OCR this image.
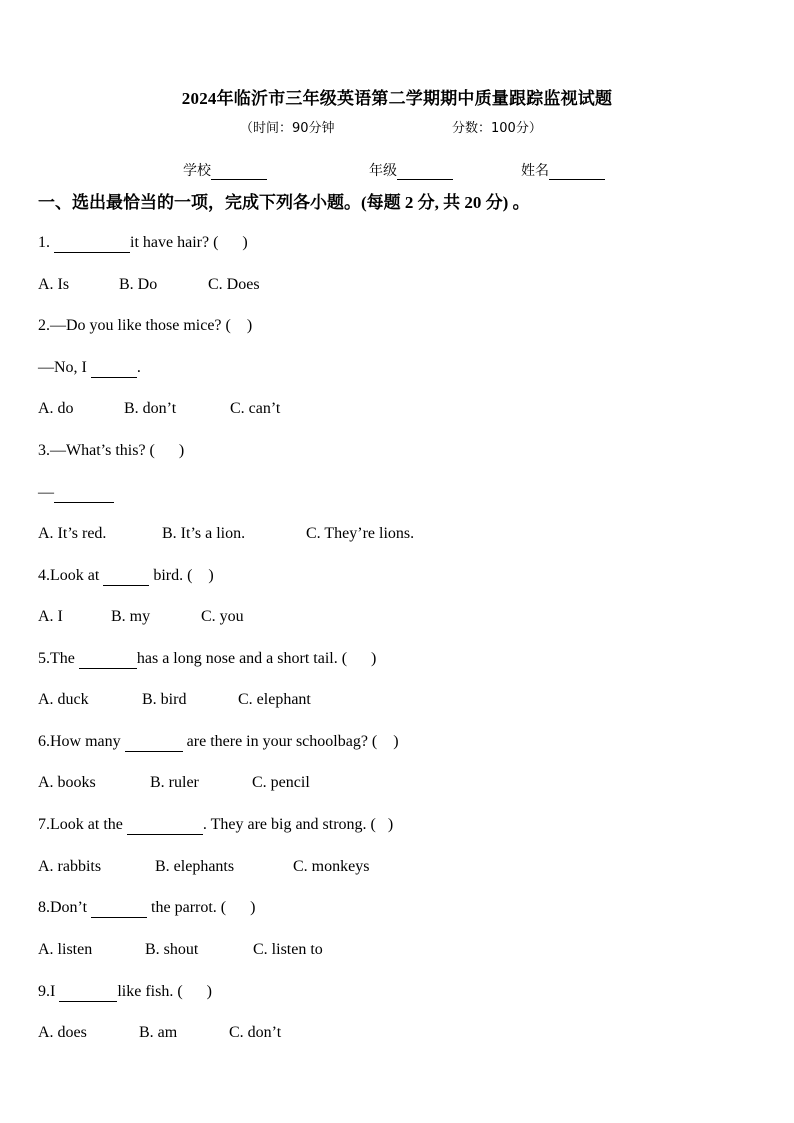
2024年临沂市三年级英语第二学期期中质量跟踪监视试题
（时间：90分钟	分数：100分）
学校	年级	姓名
一、选出最恰当的一项，完成下列各小题。(每题 2 分, 共 20 分) 。
1.	it have hair? (      )
A. Is	B. Do	C. Does
2.—Do you like those mice? (    )
—No, I	.
A. do	B. don’t	C. can’t
3.—What’s this? (      )
—
A. It’s red.	B. It’s a lion.	C. They’re lions.
4.Look at	bird. (    )
A. I	B. my	C. you
5.The	has a long nose and a short tail. (      )
A. duck	B. bird	C. elephant
6.How many	are there in your schoolbag? (    )
A. books	B. ruler	C. pencil
7.Look at the	. They are big and strong. (   )
A. rabbits	B. elephants	C. monkeys
8.Don’t	the parrot. (      )
A. listen	B. shout	C. listen to
9.I	like fish. (      )
A. does	B. am	C. don’t
